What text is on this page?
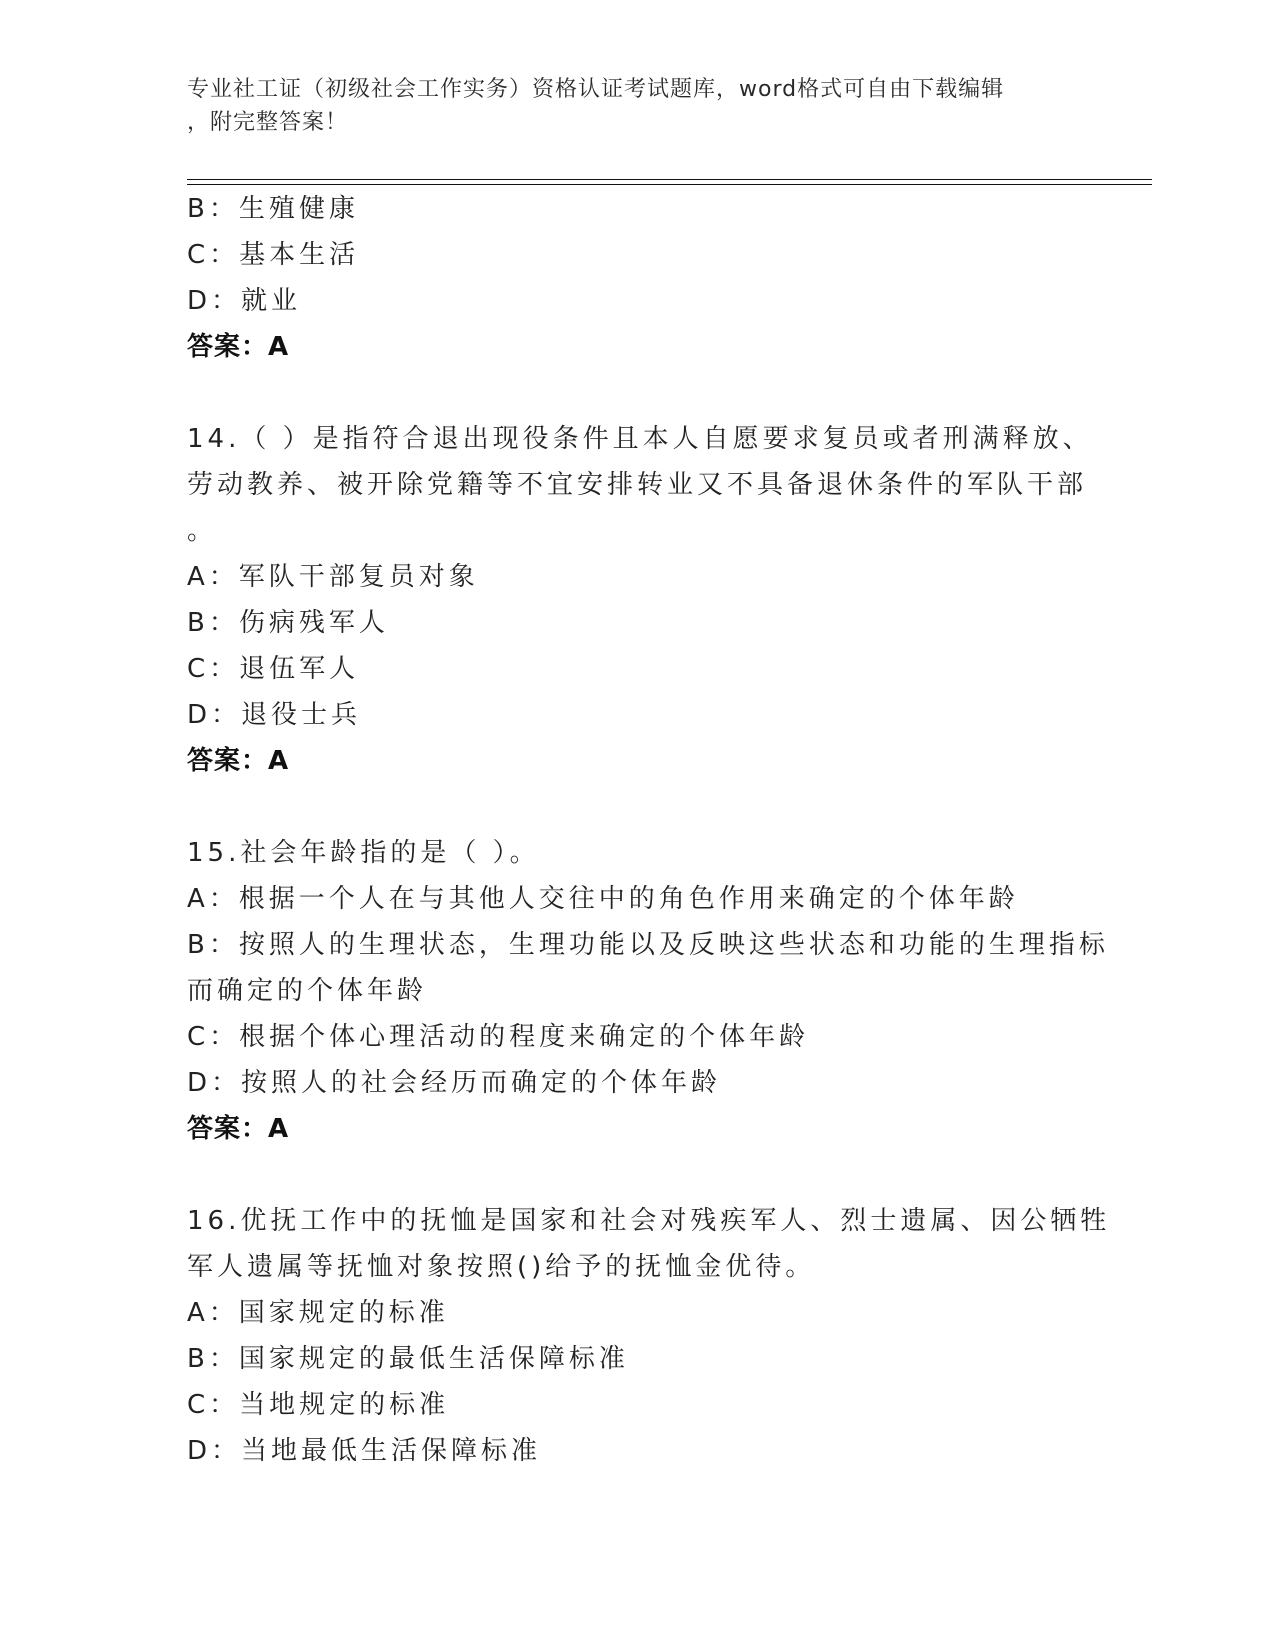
专业社工证（初级社会工作实务）资格认证考试题库，word格式可自由下载编辑
，附完整答案！
B：生殖健康
C：基本生活
D：就业
答案：A
14.（ ）是指符合退出现役条件且本人自愿要求复员或者刑满释放、
劳动教养、被开除党籍等不宜安排转业又不具备退休条件的军队干部
。
A：军队干部复员对象
B：伤病残军人
C：退伍军人
D：退役士兵
答案：A
15.社会年龄指的是（ ）。
A：根据一个人在与其他人交往中的角色作用来确定的个体年龄
B：按照人的生理状态，生理功能以及反映这些状态和功能的生理指标
而确定的个体年龄
C：根据个体心理活动的程度来确定的个体年龄
D：按照人的社会经历而确定的个体年龄
答案：A
16.优抚工作中的抚恤是国家和社会对残疾军人、烈士遗属、因公牺牲
军人遗属等抚恤对象按照()给予的抚恤金优待。
A：国家规定的标准
B：国家规定的最低生活保障标准
C：当地规定的标准
D：当地最低生活保障标准
